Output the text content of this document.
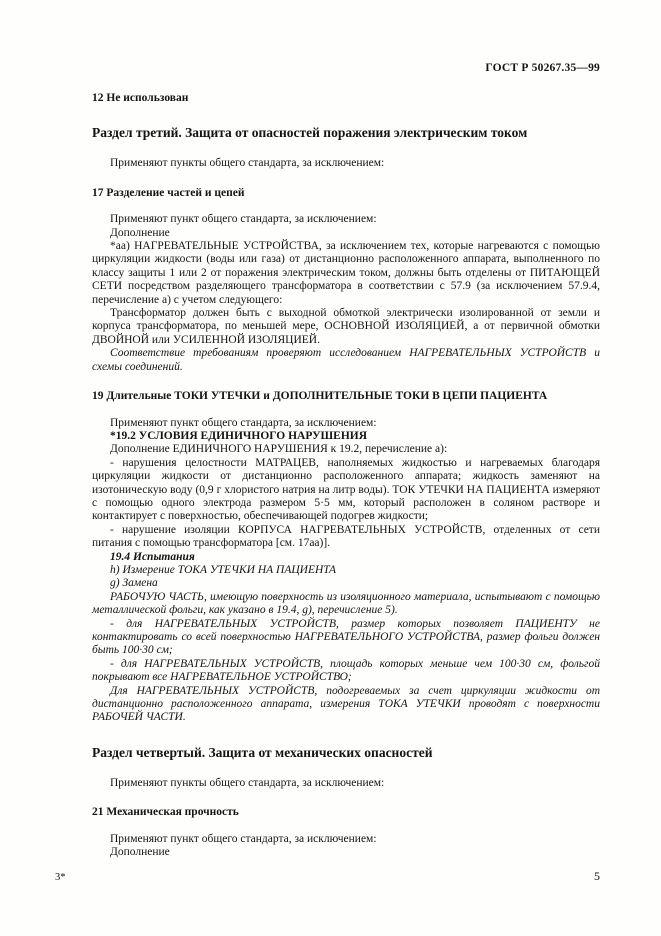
ГОСТ Р 50267.35—99

12 Не использован

Раздел третий. Защита от опасностей поражения электрическим током

Применяют пункты общего стандарта, за исключением:

17 Разделение частей и цепей

Применяют пункт общего стандарта, за исключением:

Дополнение

*аа) НАГРЕВАТЕЛЬНЫЕ УСТРОЙСТВА, за исключением тех, которые нагреваются с помощью циркуляции жидкости (воды или газа) от дистанционно расположенного аппарата, выполненного по классу защиты 1 или 2 от поражения электрическим током, должны быть отделены от ПИТАЮЩЕЙ СЕТИ посредством разделяющего трансформатора в соответствии с 57.9 (за исключением 57.9.4, перечисление а) с учетом следующего:

Трансформатор должен быть с выходной обмоткой электрически изолированной от земли и корпуса трансформатора, по меньшей мере, ОСНОВНОЙ ИЗОЛЯЦИЕЙ, а от первичной обмотки ДВОЙНОЙ или УСИЛЕННОЙ ИЗОЛЯЦИЕЙ.

Соответствие требованиям проверяют исследованием НАГРЕВАТЕЛЬНЫХ УСТРОЙСТВ и схемы соединений.

19 Длительные ТОКИ УТЕЧКИ и ДОПОЛНИТЕЛЬНЫЕ ТОКИ В ЦЕПИ ПАЦИЕНТА

Применяют пункт общего стандарта, за исключением:

*19.2 УСЛОВИЯ ЕДИНИЧНОГО НАРУШЕНИЯ

Дополнение ЕДИНИЧНОГО НАРУШЕНИЯ к 19.2, перечисление а):

- нарушения целостности МАТРАЦЕВ, наполняемых жидкостью и нагреваемых благодаря циркуляции жидкости от дистанционно расположенного аппарата; жидкость заменяют на изотоническую воду (0,9 г хлористого натрия на литр воды). ТОК УТЕЧКИ НА ПАЦИЕНТА измеряют с помощью одного электрода размером 5·5 мм, который расположен в соляном растворе и контактирует с поверхностью, обеспечивающей подогрев жидкости;

- нарушение изоляции КОРПУСА НАГРЕВАТЕЛЬНЫХ УСТРОЙСТВ, отделенных от сети питания с помощью трансформатора [см. 17аа)].

19.4 Испытания

h) Измерение ТОКА УТЕЧКИ НА ПАЦИЕНТА

g) Замена

РАБОЧУЮ ЧАСТЬ, имеющую поверхность из изоляционного материала, испытывают с помощью металлической фольги, как указано в 19.4, g), перечисление 5).

- для НАГРЕВАТЕЛЬНЫХ УСТРОЙСТВ, размер которых позволяет ПАЦИЕНТУ не контактировать со всей поверхностью НАГРЕВАТЕЛЬНОГО УСТРОЙСТВА, размер фольги должен быть 100·30 см;

- для НАГРЕВАТЕЛЬНЫХ УСТРОЙСТВ, площадь которых меньше чем 100·30 см, фольгой покрывают все НАГРЕВАТЕЛЬНОЕ УСТРОЙСТВО;

Для НАГРЕВАТЕЛЬНЫХ УСТРОЙСТВ, подогреваемых за счет циркуляции жидкости от дистанционно расположенного аппарата, измерения ТОКА УТЕЧКИ проводят с поверхности РАБОЧЕЙ ЧАСТИ.

Раздел четвертый. Защита от механических опасностей

Применяют пункты общего стандарта, за исключением:

21 Механическая прочность

Применяют пункт общего стандарта, за исключением:

Дополнение

3*	5
